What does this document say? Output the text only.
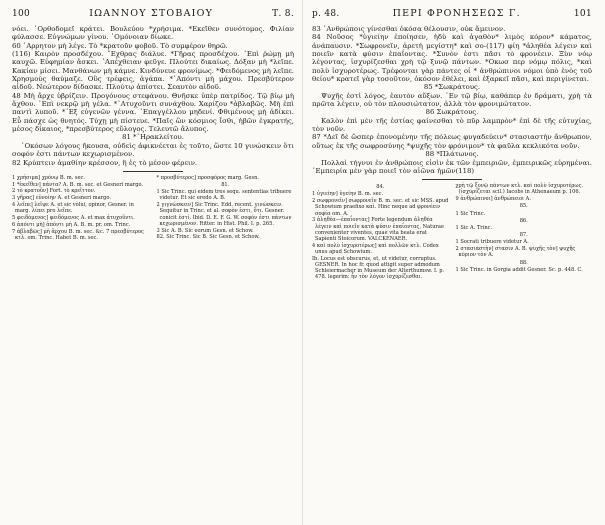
100	ΙΩΑΝΝΟΥ ΣΤΟΒΑΙΟΥ	Τ. 8.

νόει. ᾿Ορθοδομεῖ κράτει. Βουλεύου *χρήσιμα. *Εκεῖθεν συνότομος. Φιλίαν φύλασσε. Εὐγνώμων γίνου. ᾿Ομόνοιαν δίωκε.

60 ᾿Αρρητον μὴ λέγε. Τὸ *κρατοῦν φοβοῦ. Τὸ συμφέρον θηρῶ.

(116) Καιρὸν προσδέχου. ῎Εχθρας διάλυε. *Γῆρας προσδέχου. ᾿Επὶ ῥώμῃ μὴ καυχῶ. Εὐφημίαν ἄσκει. ᾿Απέχθειαν φεῦγε. Πλούτει δικαίως. Δόξαν μὴ *λεῖπε. Κακίαν μίσει. Μανθάνων μὴ κάμνε. Κινδύνευε φρονίμως. *Φειδόμενος μὴ λεῖπε. Χρησμοὺς θαύμαζε. Οὓς τρέφεις, ἀγάπα. *᾿Απόντι μὴ μάχου. Πρεσβύτερον αἰδοῦ. Νεώτερον δίδασκε. Πλούτῳ ἀπίστει. Σεαυτὸν αἰδοῦ.

48 Μὴ ἄρχε ὑβρίζειν. Προγόνους στεφάνου. Θνῆσκε ὑπὲρ πατρίδος. Τῷ βίῳ μὴ ἄχθου. ᾿Επὶ νεκρῷ μὴ γέλα. *᾿Ατυχοῦντι συνάχθου. Χαρίζου *ἀβλαβῶς. Μὴ ἐπὶ παντὶ λυποῦ. *᾿Εξ εὐγενῶν γέννα. ᾿Επαγγέλλου μηδενί. Φθιμένους μὴ ἀδίκει. Εὖ πάσχε ὡς θνητός. Τύχῃ μὴ πίστευε. *Παῖς ὢν κόσμιος ἴσθι, ἡβῶν ἐγκρατής, μέσος δίκαιος, *πρεσβύτερος εὔλογος. Τελευτῶ ἄλυπος.

81 *῾Ηρακλείτου.

᾿Οκόσων λόγους ἤκουσα, οὐδεὶς ἀφικνέεται ἐς τοῦτο, ὥστε 10 γινώσκειν ὅτι σοφόν ἐστι πάντων κεχωρισμένον.

82 Κρύπτειν ἀμαθίην κρέσσον, ἢ ἐς τὸ μέσον φέρειν.

1 χρήσιμα] χρόνῳ B. m. sec.

1 *ἐκεῖθεν] πάντα? A. B. m. sec. et Gesneri margo.

2 τὸ κρατοῦν] Fort. τὸ κρεῖττον.

3 γῆρας] εὐνοίην A. et Gesneri margo.

4 λεῖπε] λεῖψε A. et sic volui, opinor, Gesner. in marg. λίπει pro λεῖπε.

5 φειδόμενος] φειδόμενος A. et max ἀτυχοῦντι.

6 ἀπόντι μὴ] ἀπόντι μὴ A. B. m. pr. om. Trinc.

7 ἀβλαβῶς] μὴ ἄρχου B. m. sec. &c. 7 πρεσβύτερος κτλ. om. Trinc. Habet B. m. sec.

* προσβύτερος] προσφόρος marg. Gesn.

81.

1 Sic Trinc. qui eidem tres sequ. sententias tribuere videtur. Et sic eredo A. B.

2 γιγνώσκειν] Sic Trinc. Edd. recent. γινώσκειν. Sequitur in Trinc. et al. σοφὸν ἐστι, ὅτι. Gesner. conicit ἐστί. Ibid. D. E. F. G. W. σοφόν ἐστι πάντων κεχωρισμένον. Ritter. in Hist. Phil. I. p. 265.

3 Sic A. B. Sic eorum Gesn. et Schow.

82. Sic Trinc. Sic B. Sic Gesn. et Schow.

p. 48.	ΠΕΡΙ ΦΡΟΝΗΣΕΩΣ Γ.	101

83 ᾿Ανθρώποις γίνεσθαι ὁκόσα θέλουσιν, οὐκ ἄμεινον.

84 Νοῦσος *ὑγιείην ἐποίησεν, ἡδὺ καὶ ἀγαθὸν* λιμὸς κόρον* κάματος, ἀνάπαυσιν. *Σωφρονεῖν, ἀρετὴ μεγίστη* καὶ σο-(117) φίη *ἀληθέα λέγειν καὶ ποιεῖν κατὰ φύσιν ἐπαΐοντας. *Συνὸν ἐστι πᾶσι τὸ φρονέειν. Ξὺν νόῳ λέγοντας, ἰσχυρίζεσθαι χρὴ τῷ ξυνῷ πάντων. *Οκωσ περ νόμῳ πόλις, *καὶ πολὺ ἰσχυροτέρως. Τρέφονται γὰρ πάντες οἱ * ἀνθρώπινοι νόμοι ὑπὸ ἑνὸς τοῦ θείου* κρατεῖ γὰρ τοσοῦτον, ὁκόσον ἐθέλει, καὶ ἐξαρκεῖ πᾶσι, καὶ περιγίνεται.

85 *Σωκράτους.

Ψυχῆς ἐστὶ λόγος, ἑαυτὸν αὔξων. ᾿Εν τῷ βίῳ, καθάπερ ἐν δράματι, χρὴ τὰ πρῶτα λέγειν, οὐ τὸν πλουσιώτατον, ἀλλὰ τὸν φρονιμώτατον.

86 Σωκράτους.

Καλὸν ἐπὶ μὲν τῆς ἑστίας φαίνεσθαι τὸ πῦρ λαμπρὸν* ἐπὶ δὲ τῆς εὐτυχίας, τὸν νοῦν.

87 *Δεῖ δὲ ὥσπερ ἐπονομένην τῆς πόλεως φυγαδεύειν* στασιαστὴν ἄνθρωπον, οὕτως ἐκ τῆς σωφροσύνης *ψυχῆς τὸν φρόνιμον* τὰ φαῦλα κεκλικότα νοῦν.

88 *Πλάτωνος.

Πολλαὶ τήγνυι ἐν ἀνθρώποις εἰσὶν ἐκ τῶν ἐμπειριῶν, ἐμπειρικῶς εὑρημέναι. ᾿Εμπειρία μὲν γὰρ ποιεῖ τὸν αἰῶνα ἡμῶν(118)

84.

1 ὑγιείην] ὑγείην B. m. sec.

2 σωφρονεῖν] σωφρονεῖν B. m. sec. et sic MSS. apud Schowium praefixo καὶ. Hinc neque ad φρονέειν σοφία om. A.

3 ἀληθέα—ἐπαΐοντας] Forte legendum ἀληθέα λέγειν καὶ ποιεῖν κατὰ φύσιν ἐπαΐοντας, Naturae convenienter viventes, quae vita beata erat Sapienti Stoicorum. VALCKENAER.

4 καὶ πολὺ ἰσχυροτέρως] καὶ πολλῶν κτλ. Codex unus apud Schowium.

Ib. Locus est obscurus, et, ut videtur, corruptus. GESNER. In hoc fr. quod attigit super admodum Schleiermacher in Museum der Alterthumsw. I. p. 478. legerim: ἦν τὸν λόγον ἰσχυρίζεσθαι.

χρὴ τῷ ξυνῷ πάντων κτλ. καὶ πολὺ ἰσχυροτέρως. (ἰσχυρίζεται scil.) Iacobs in Athenaeum p. 106.

9 ἀνθρώπινοι] ἀνθρώπειοι A.

85.

1 Sic Trinc.

86.

1 Sic A. Trinc.

87.

1 Socrati tribuere videtur A.

2 στασιαστὴν] στασιν A. B. ψυχῆς τὸν] ψυχῆς κύριον τὸν A.

88.

1 Sic Trinc. in Gorgia addit Gesner. Sc. p. 448. C.
